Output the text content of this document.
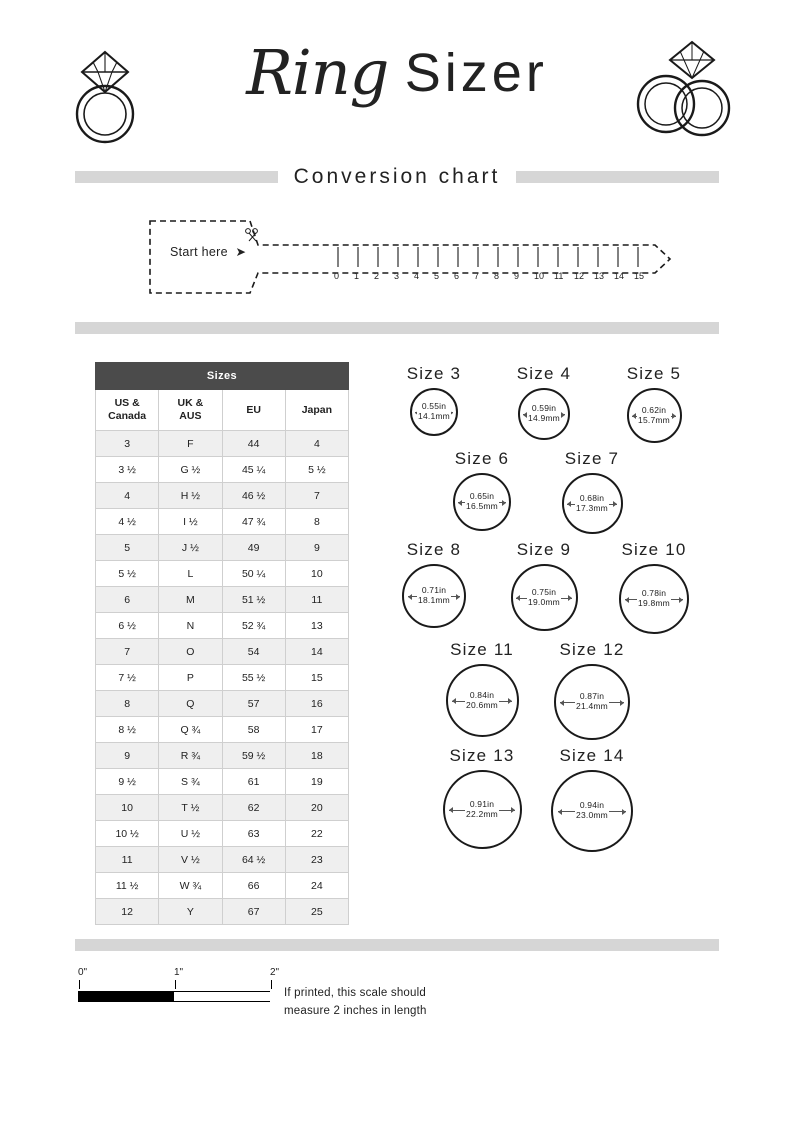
Ring Sizer
Conversion chart
Start here  ➤
0 1 2 3 4 5 6 7 8 9 10 11 12 13 14 15
Sizes			
US &
Canada	UK &
AUS	EU	Japan
3	F	44	4
3 ½	G ½	45 ¼	5 ½
4	H ½	46 ½	7
4 ½	I ½	47 ¾	8
5	J ½	49	9
5 ½	L	50 ¼	10
6	M	51 ½	11
6 ½	N	52 ¾	13
7	O	54	14
7 ½	P	55 ½	15
8	Q	57	16
8 ½	Q ¾	58	17
9	R ¾	59 ½	18
9 ½	S ¾	61	19
10	T ½	62	20
10 ½	U ½	63	22
11	V ½	64 ½	23
11 ½	W ¾	66	24
12	Y	67	25
Size 3
0.55in
14.1mm
Size 4
0.59in
14.9mm
Size 5
0.62in
15.7mm
Size 6
0.65in
16.5mm
Size 7
0.68in
17.3mm
Size 8
0.71in
18.1mm
Size 9
0.75in
19.0mm
Size 10
0.78in
19.8mm
Size 11
0.84in
20.6mm
Size 12
0.87in
21.4mm
Size 13
0.91in
22.2mm
Size 14
0.94in
23.0mm
0"	1"	2"
If printed, this scale should
measure 2 inches in length
